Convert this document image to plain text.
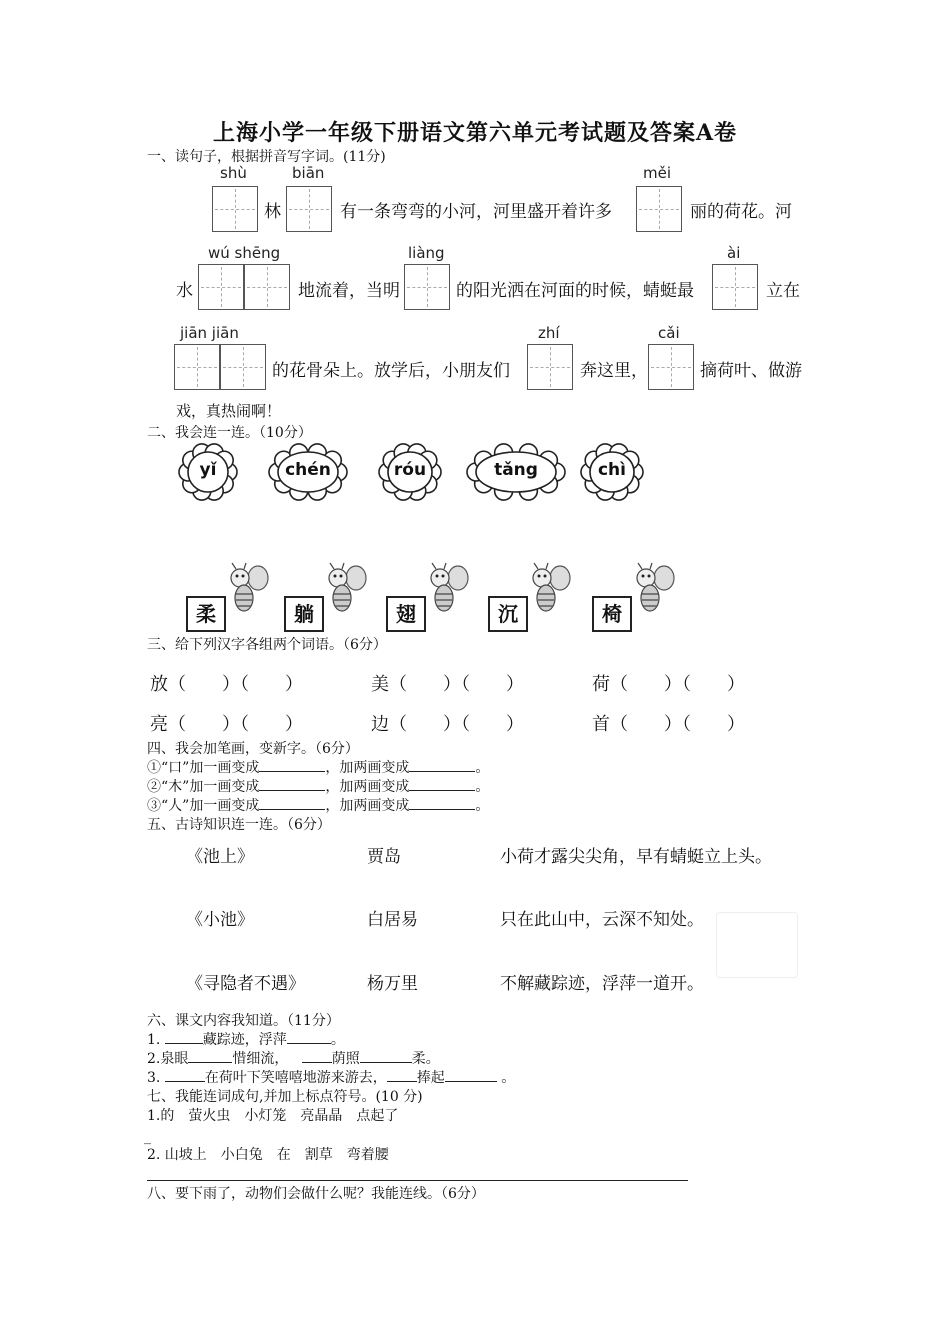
上海小学一年级下册语文第六单元考试题及答案A卷
一、读句子，根据拼音写字词。(11分)
shù	biān	měi
林	有一条弯弯的小河，河里盛开着许多	丽的荷花。河
wú shēng	liàng	ài
水	地流着，当明	的阳光洒在河面的时候，蜻蜓最	立在
jiān jiān	zhí	cǎi
的花骨朵上。放学后，小朋友们	奔这里，	摘荷叶、做游
戏，真热闹啊！
二、我会连一连。（10分）
yǐ	chén	róu	tǎng	chì
柔	躺	翅	沉	椅
三、给下列汉字各组两个词语。（6分）
放（　　）（　　）	美（　　）（　　）	荷（　　）（　　）
亮（　　）（　　）	边（　　）（　　）	首（　　）（　　）
四、我会加笔画，变新字。（6分）
①“口”加一画变成	，加两画变成	。
②“木”加一画变成	，加两画变成	。
③“人”加一画变成	，加两画变成	。
五、古诗知识连一连。（6分）
《池上》	贾岛	小荷才露尖尖角，早有蜻蜓立上头。
《小池》	白居易	只在此山中，云深不知处。
《寻隐者不遇》	杨万里	不解藏踪迹，浮萍一道开。
六、课文内容我知道。（11分）
1.	藏踪迹，浮萍	。
2.泉眼	惜细流，	荫照	柔。
3.	在荷叶下笑嘻嘻地游来游去， 捧起	。
七、我能连词成句,并加上标点符号。(10 分)
1.的　萤火虫　小灯笼　亮晶晶　点起了
_
2. 山坡上　小白兔　在　割草　弯着腰
八、要下雨了，动物们会做什么呢？我能连线。（6分）
